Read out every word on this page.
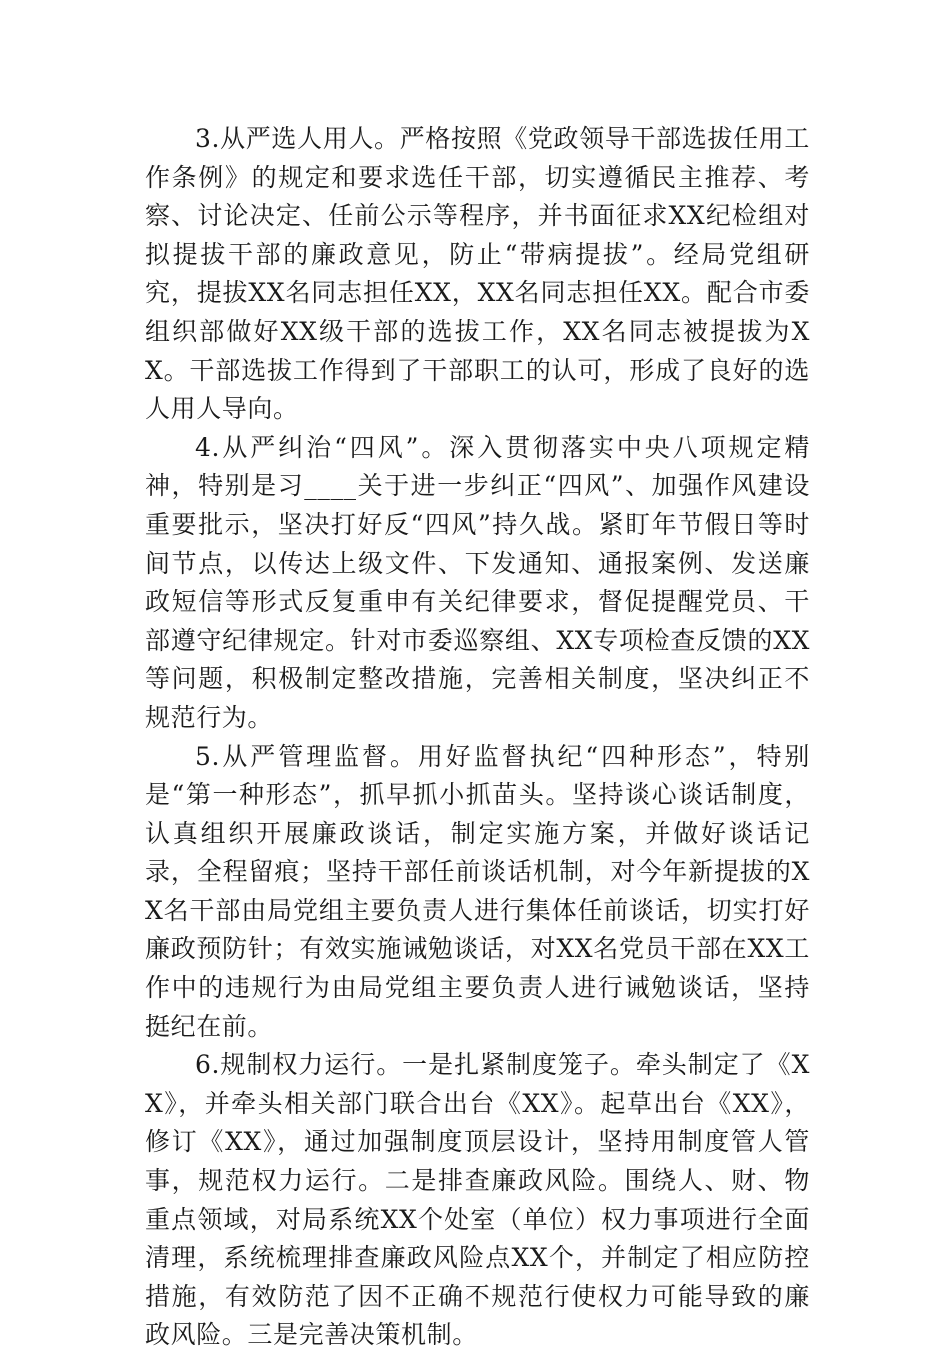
3.从严选人用人。严格按照《党政领导干部选拔任用工作条例》的规定和要求选任干部，切实遵循民主推荐、考察、讨论决定、任前公示等程序，并书面征求XX纪检组对拟提拔干部的廉政意见，防止“带病提拔”。经局党组研究，提拔XX名同志担任XX，XX名同志担任XX。配合市委组织部做好XX级干部的选拔工作，XX名同志被提拔为XX。干部选拔工作得到了干部职工的认可，形成了良好的选人用人导向。

4.从严纠治“四风”。深入贯彻落实中央八项规定精神，特别是习____关于进一步纠正“四风”、加强作风建设重要批示，坚决打好反“四风”持久战。紧盯年节假日等时间节点，以传达上级文件、下发通知、通报案例、发送廉政短信等形式反复重申有关纪律要求，督促提醒党员、干部遵守纪律规定。针对市委巡察组、XX专项检查反馈的XX等问题，积极制定整改措施，完善相关制度，坚决纠正不规范行为。

5.从严管理监督。用好监督执纪“四种形态”，特别是“第一种形态”，抓早抓小抓苗头。坚持谈心谈话制度，认真组织开展廉政谈话，制定实施方案，并做好谈话记录，全程留痕；坚持干部任前谈话机制，对今年新提拔的XX名干部由局党组主要负责人进行集体任前谈话，切实打好廉政预防针；有效实施诫勉谈话，对XX名党员干部在XX工作中的违规行为由局党组主要负责人进行诫勉谈话，坚持挺纪在前。

6.规制权力运行。一是扎紧制度笼子。牵头制定了《XX》，并牵头相关部门联合出台《XX》。起草出台《XX》，修订《XX》，通过加强制度顶层设计，坚持用制度管人管事，规范权力运行。二是排查廉政风险。围绕人、财、物重点领域，对局系统XX个处室（单位）权力事项进行全面清理，系统梳理排查廉政风险点XX个，并制定了相应防控措施，有效防范了因不正确不规范行使权力可能导致的廉政风险。三是完善决策机制。
